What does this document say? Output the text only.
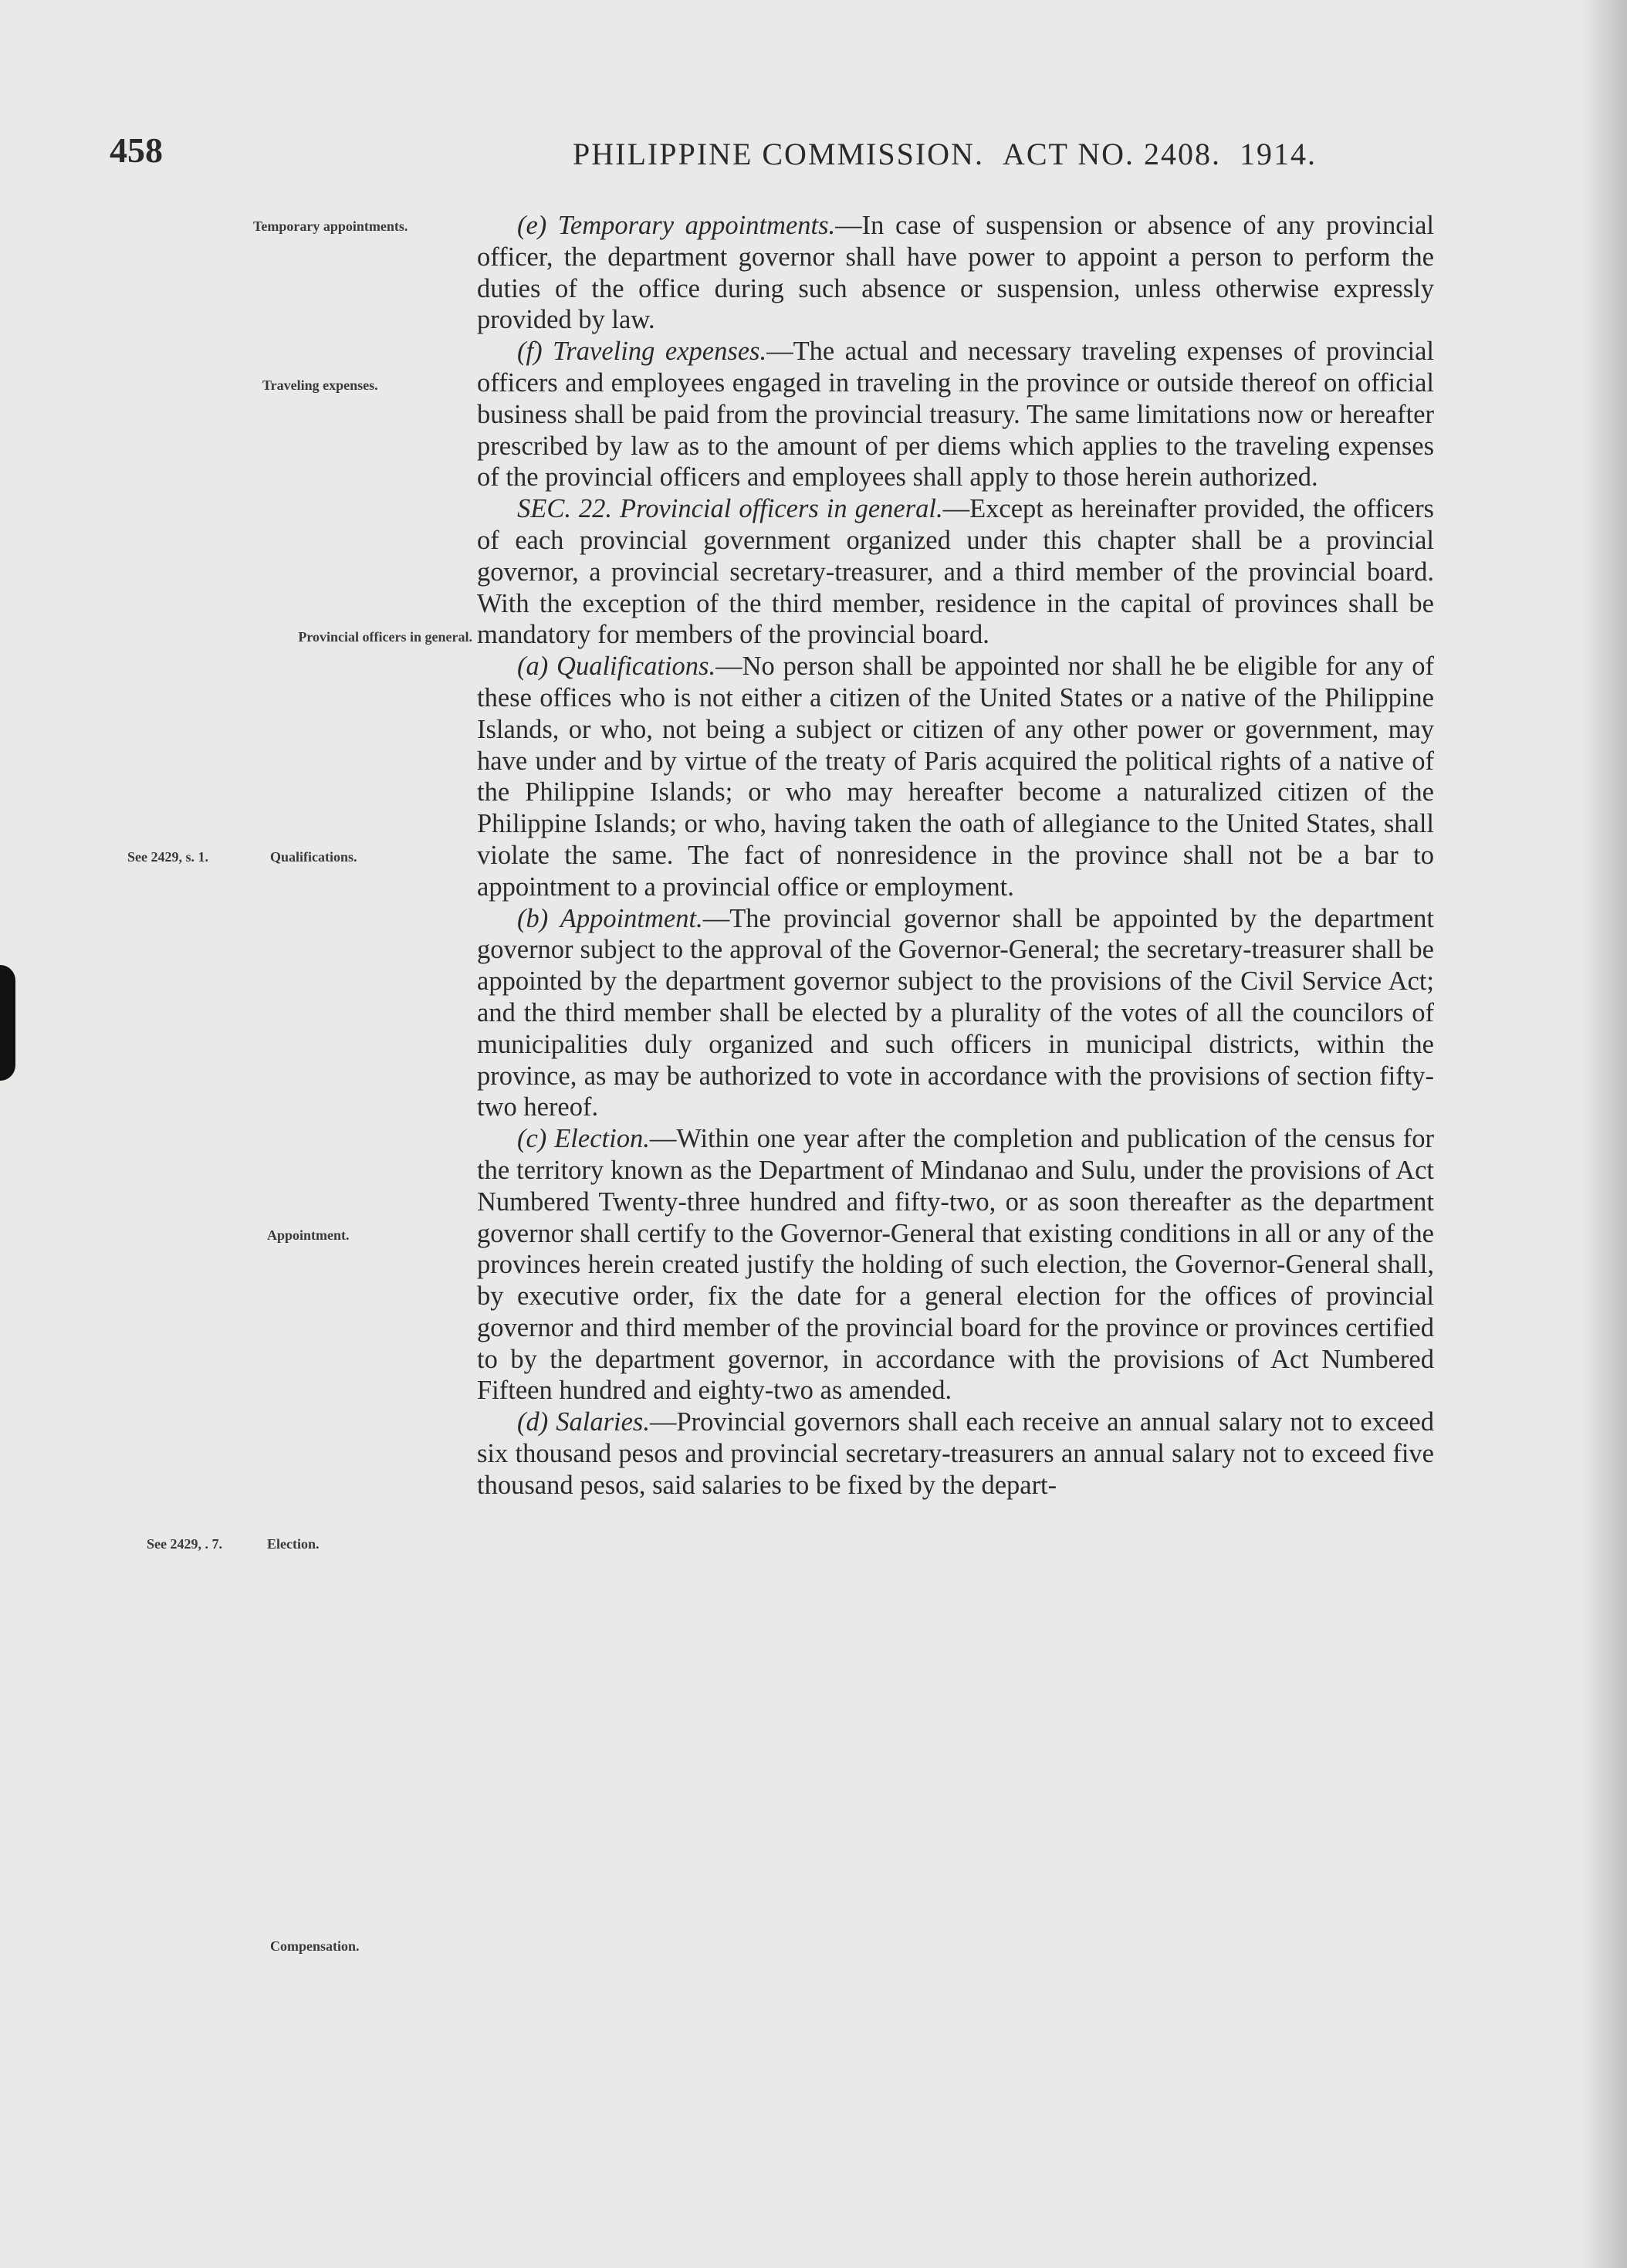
458	PHILIPPINE COMMISSION. ACT NO. 2408. 1914.
Temporary appointments.
Traveling expenses.
Provincial officers in general.
See 2429, s. 1.	Qualifications.
Appointment.
See 2429, . 7.	Election.
Compensation.

(e) Temporary appointments.—In case of suspension or absence of any provincial officer, the department governor shall have power to appoint a person to perform the duties of the office during such absence or suspension, unless otherwise expressly provided by law.

(f) Traveling expenses.—The actual and necessary traveling expenses of provincial officers and employees engaged in traveling in the province or outside thereof on official business shall be paid from the provincial treasury. The same limitations now or hereafter prescribed by law as to the amount of per diems which applies to the traveling expenses of the provincial officers and employees shall apply to those herein authorized.

SEC. 22. Provincial officers in general.—Except as hereinafter provided, the officers of each provincial government organized under this chapter shall be a provincial governor, a provincial secretary-treasurer, and a third member of the provincial board. With the exception of the third member, residence in the capital of provinces shall be mandatory for members of the provincial board.

(a) Qualifications.—No person shall be appointed nor shall he be eligible for any of these offices who is not either a citizen of the United States or a native of the Philippine Islands, or who, not being a subject or citizen of any other power or government, may have under and by virtue of the treaty of Paris acquired the political rights of a native of the Philippine Islands; or who may hereafter become a naturalized citizen of the Philippine Islands; or who, having taken the oath of allegiance to the United States, shall violate the same. The fact of nonresidence in the province shall not be a bar to appointment to a provincial office or employment.

(b) Appointment.—The provincial governor shall be appointed by the department governor subject to the approval of the Governor-General; the secretary-treasurer shall be appointed by the department governor subject to the provisions of the Civil Service Act; and the third member shall be elected by a plurality of the votes of all the councilors of municipalities duly organized and such officers in municipal districts, within the province, as may be authorized to vote in accordance with the provisions of section fifty-two hereof.

(c) Election.—Within one year after the completion and publication of the census for the territory known as the Department of Mindanao and Sulu, under the provisions of Act Numbered Twenty-three hundred and fifty-two, or as soon thereafter as the department governor shall certify to the Governor-General that existing conditions in all or any of the provinces herein created justify the holding of such election, the Governor-General shall, by executive order, fix the date for a general election for the offices of provincial governor and third member of the provincial board for the province or provinces certified to by the department governor, in accordance with the provisions of Act Numbered Fifteen hundred and eighty-two as amended.

(d) Salaries.—Provincial governors shall each receive an annual salary not to exceed six thousand pesos and provincial secretary-treasurers an annual salary not to exceed five thousand pesos, said salaries to be fixed by the depart-
